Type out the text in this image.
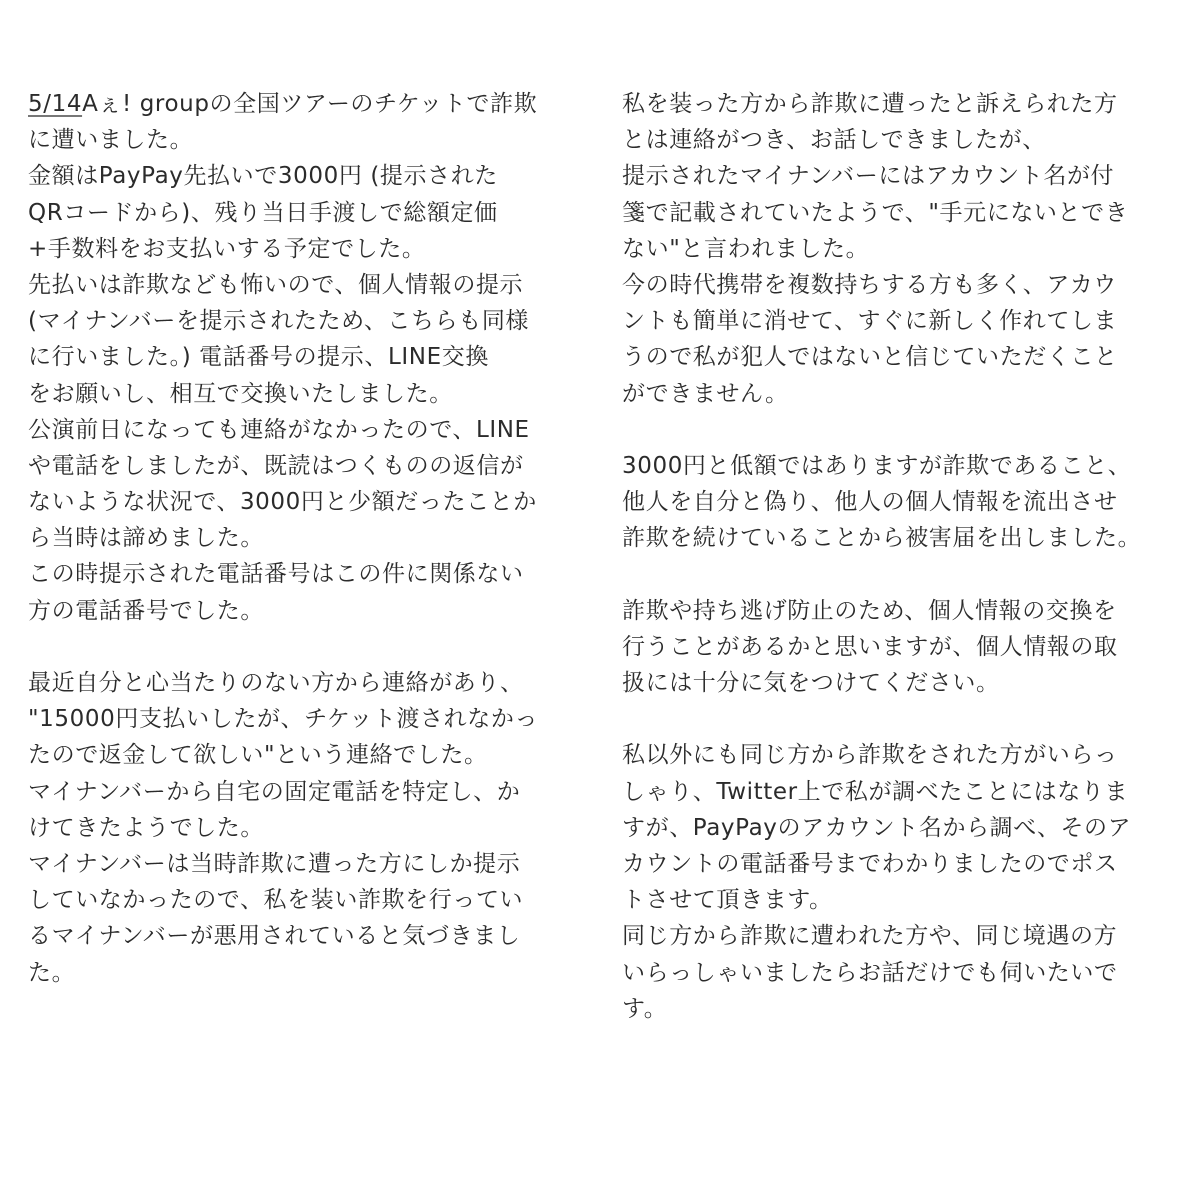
5/14Aぇ! groupの全国ツアーのチケットで詐欺
に遭いました。
金額はPayPay先払いで3000円 (提示された
QRコードから)、残り当日手渡しで総額定価
+手数料をお支払いする予定でした。
先払いは詐欺なども怖いので、個人情報の提示
(マイナンバーを提示されたため、こちらも同様
に行いました。) 電話番号の提示、LINE交換
をお願いし、相互で交換いたしました。
公演前日になっても連絡がなかったので、LINE
や電話をしましたが、既読はつくものの返信が
ないような状況で、3000円と少額だったことか
ら当時は諦めました。
この時提示された電話番号はこの件に関係ない
方の電話番号でした。
最近自分と心当たりのない方から連絡があり、
"15000円支払いしたが、チケット渡されなかっ
たので返金して欲しい"という連絡でした。
マイナンバーから自宅の固定電話を特定し、か
けてきたようでした。
マイナンバーは当時詐欺に遭った方にしか提示
していなかったので、私を装い詐欺を行ってい
るマイナンバーが悪用されていると気づきまし
た。
私を装った方から詐欺に遭ったと訴えられた方
とは連絡がつき、お話しできましたが、
提示されたマイナンバーにはアカウント名が付
箋で記載されていたようで、"手元にないとでき
ない"と言われました。
今の時代携帯を複数持ちする方も多く、アカウ
ントも簡単に消せて、すぐに新しく作れてしま
うので私が犯人ではないと信じていただくこと
ができません。
3000円と低額ではありますが詐欺であること、
他人を自分と偽り、他人の個人情報を流出させ
詐欺を続けていることから被害届を出しました。
詐欺や持ち逃げ防止のため、個人情報の交換を
行うことがあるかと思いますが、個人情報の取
扱には十分に気をつけてください。
私以外にも同じ方から詐欺をされた方がいらっ
しゃり、Twitter上で私が調べたことにはなりま
すが、PayPayのアカウント名から調べ、そのア
カウントの電話番号までわかりましたのでポス
トさせて頂きます。
同じ方から詐欺に遭われた方や、同じ境遇の方
いらっしゃいましたらお話だけでも伺いたいで
す。
